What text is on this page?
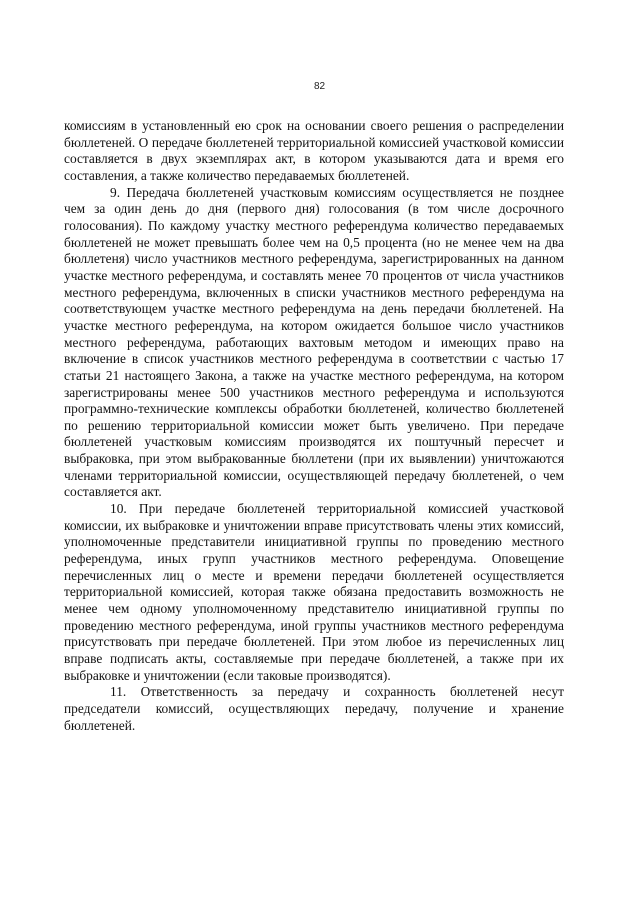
82

комиссиям в установленный ею срок на основании своего решения о распределении бюллетеней. О передаче бюллетеней территориальной комиссией участковой комиссии составляется в двух экземплярах акт, в котором указываются дата и время его составления, а также количество передаваемых бюллетеней.

9. Передача бюллетеней участковым комиссиям осуществляется не позднее чем за один день до дня (первого дня) голосования (в том числе досрочного голосования). По каждому участку местного референдума количество передаваемых бюллетеней не может превышать более чем на 0,5 процента (но не менее чем на два бюллетеня) число участников местного референдума, зарегистрированных на данном участке местного референдума, и составлять менее 70 процентов от числа участников местного референдума, включенных в списки участников местного референдума на соответствующем участке местного референдума на день передачи бюллетеней. На участке местного референдума, на котором ожидается большое число участников местного референдума, работающих вахтовым методом и имеющих право на включение в список участников местного референдума в соответствии с частью 17 статьи 21 настоящего Закона, а также на участке местного референдума, на котором зарегистрированы менее 500 участников местного референдума и используются программно-технические комплексы обработки бюллетеней, количество бюллетеней по решению территориальной комиссии может быть увеличено. При передаче бюллетеней участковым комиссиям производятся их поштучный пересчет и выбраковка, при этом выбракованные бюллетени (при их выявлении) уничтожаются членами территориальной комиссии, осуществляющей передачу бюллетеней, о чем составляется акт.

10. При передаче бюллетеней территориальной комиссией участковой комиссии, их выбраковке и уничтожении вправе присутствовать члены этих комиссий, уполномоченные представители инициативной группы по проведению местного референдума, иных групп участников местного референдума. Оповещение перечисленных лиц о месте и времени передачи бюллетеней осуществляется территориальной комиссией, которая также обязана предоставить возможность не менее чем одному уполномоченному представителю инициативной группы по проведению местного референдума, иной группы участников местного референдума присутствовать при передаче бюллетеней. При этом любое из перечисленных лиц вправе подписать акты, составляемые при передаче бюллетеней, а также при их выбраковке и уничтожении (если таковые производятся).

11. Ответственность за передачу и сохранность бюллетеней несут председатели комиссий, осуществляющих передачу, получение и хранение бюллетеней.
